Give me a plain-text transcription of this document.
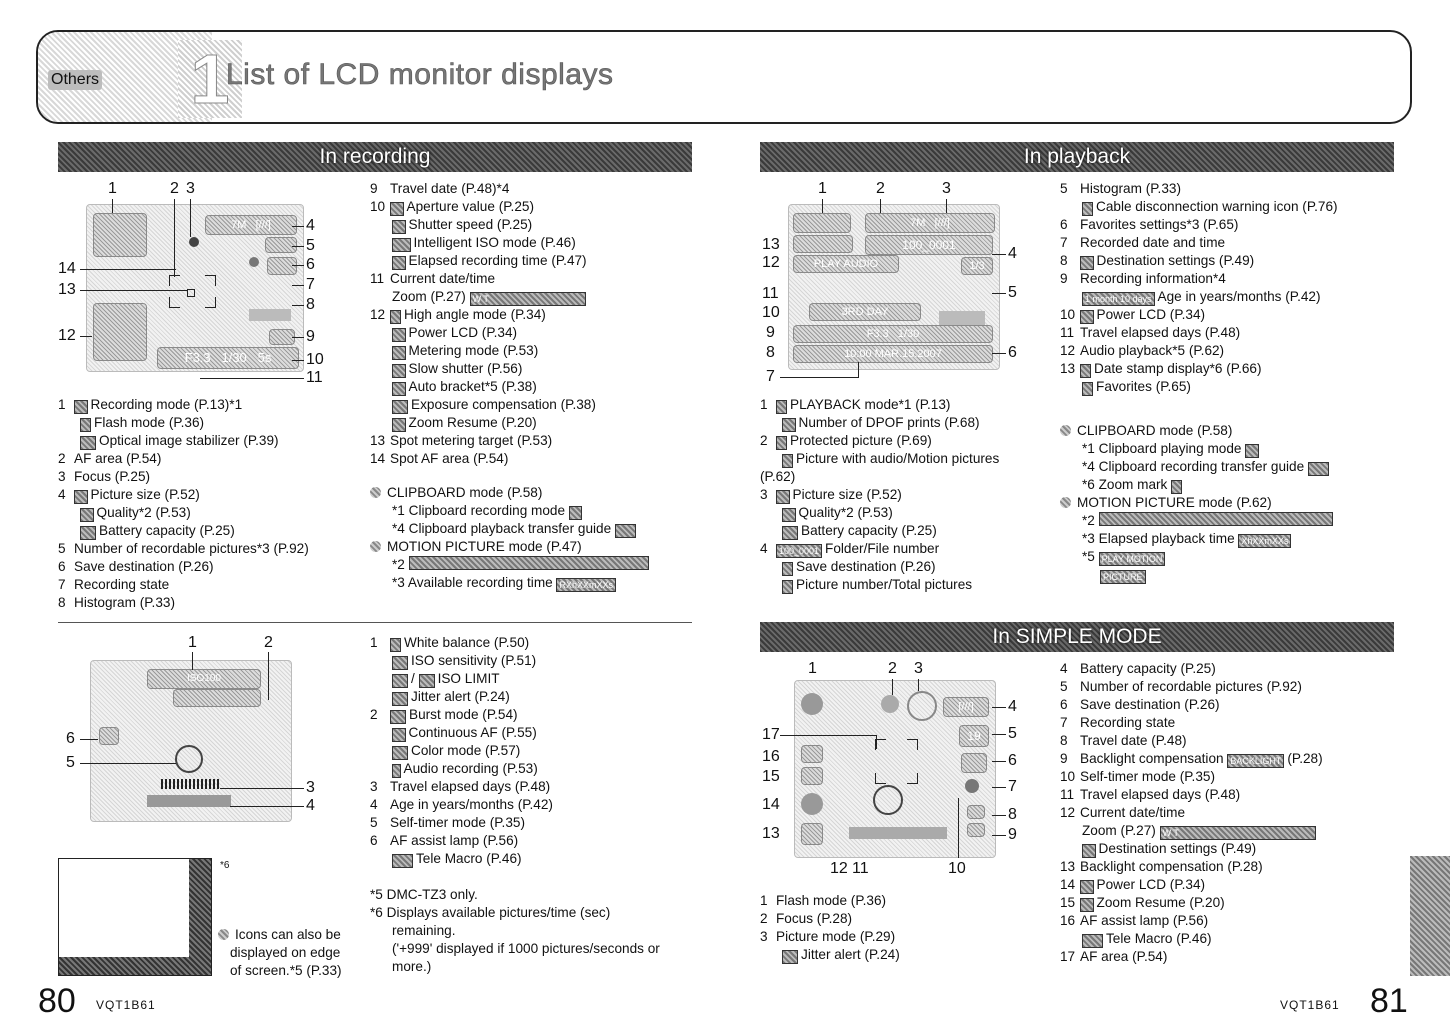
Others 1
List of LCD monitor displays
In recording	In playback
In SIMPLE MODE
7M [///]
F3.3 1/30 5s
1	2 3
4
5
6
7
8
9
10
11
14
13
12
1 Recording mode (P.13)*1
Flash mode (P.36)
Optical image stabilizer (P.39)
2 AF area (P.54)
3 Focus (P.25)
4 Picture size (P.52)
Quality*2 (P.53)
Battery capacity (P.25)
5 Number of recordable pictures*3 (P.92)
6 Save destination (P.26)
7 Recording state
8 Histogram (P.33)
9 Travel date (P.48)*4
10 Aperture value (P.25)
Shutter speed (P.25)
Intelligent ISO mode (P.46)
Elapsed recording time (P.47)
11 Current date/time
Zoom (P.27) W T
12 High angle mode (P.34)
Power LCD (P.34)
Metering mode (P.53)
Slow shutter (P.56)
Auto bracket*5 (P.38)
Exposure compensation (P.38)
Zoom Resume (P.20)
13 Spot metering target (P.53)
14 Spot AF area (P.54)
CLIPBOARD mode (P.58)
*1 Clipboard recording mode
*4 Clipboard playback transfer guide
MOTION PICTURE mode (P.47)
*2
*3 Available recording time RXhXXmXXs
ISO100
1	2
6
5
3
4
*6
Icons can also be
displayed on edge
of screen.*5 (P.33)
1 White balance (P.50)
ISO sensitivity (P.51)
/     ISO LIMIT
Jitter alert (P.24)
2 Burst mode (P.54)
Continuous AF (P.55)
Color mode (P.57)
Audio recording (P.53)
3 Travel elapsed days (P.48)
4 Age in years/months (P.42)
5 Self-timer mode (P.35)
6 AF assist lamp (P.56)
Tele Macro (P.46)
*5 DMC-TZ3 only.
*6 Displays available pictures/time (sec)
remaining.
('+999' displayed if 1000 pictures/seconds or
more.)
7M [///]
100_0001
PLAY AUDIO	1/3
3RD DAY
F3.3 1/30
10:00 MAR.15.2007
1	2	3
13
12
11
10
9
8
7
4
5
6
1 PLAYBACK mode*1 (P.13)
Number of DPOF prints (P.68)
2 Protected picture (P.69)
Picture with audio/Motion pictures
(P.62)
3 Picture size (P.52)
Quality*2 (P.53)
Battery capacity (P.25)
4 100_0001 Folder/File number
Save destination (P.26)
Picture number/Total pictures
5 Histogram (P.33)
Cable disconnection warning icon (P.76)
6 Favorites settings*3 (P.65)
7 Recorded date and time
8 Destination settings (P.49)
9 Recording information*4
1 month 10 days Age in years/months (P.42)
10 Power LCD (P.34)
11 Travel elapsed days (P.48)
12 Audio playback*5 (P.62)
13 Date stamp display*6 (P.66)
Favorites (P.65)
CLIPBOARD mode (P.58)
*1 Clipboard playing mode
*4 Clipboard recording transfer guide
*6 Zoom mark
MOTION PICTURE mode (P.62)
*2
*3 Elapsed playback time XhXXmXXs
*5 PLAY MOTION
PICTURE
[///]
19
1	2 3
4
5
6
7
8
9
10
11
12
13
14
15
16
17
1 Flash mode (P.36)
2 Focus (P.28)
3 Picture mode (P.29)
Jitter alert (P.24)
4 Battery capacity (P.25)
5 Number of recordable pictures (P.92)
6 Save destination (P.26)
7 Recording state
8 Travel date (P.48)
9 Backlight compensation BACKLIGHT (P.28)
10 Self-timer mode (P.35)
11 Travel elapsed days (P.48)
12 Current date/time
Zoom (P.27) W T
Destination settings (P.49)
13 Backlight compensation (P.28)
14 Power LCD (P.34)
15 Zoom Resume (P.20)
16 AF assist lamp (P.56)
Tele Macro (P.46)
17 AF area (P.54)
80 VQT1B61	VQT1B61 81
